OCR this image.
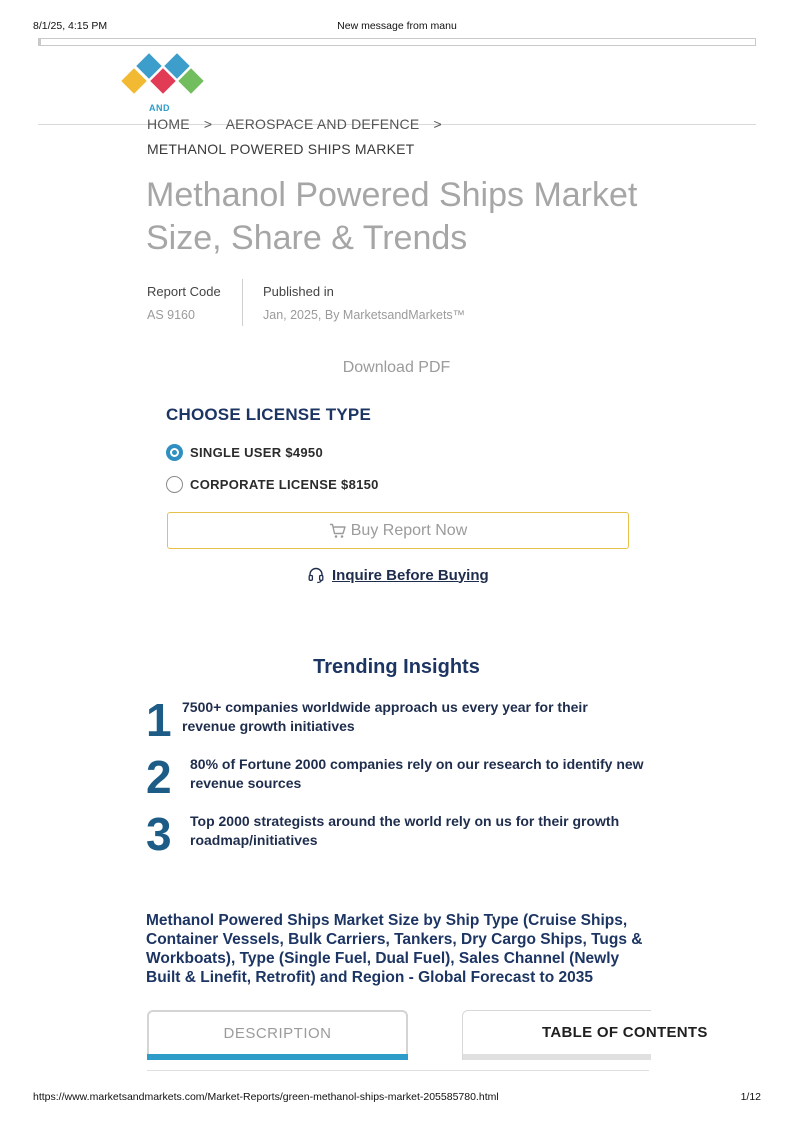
8/1/25, 4:15 PM	New message from manu
AND
HOME > AEROSPACE AND DEFENCE >
METHANOL POWERED SHIPS MARKET
Methanol Powered Ships Market Size, Share & Trends
Report Code
AS 9160
Published in
Jan, 2025, By MarketsandMarkets™
Download PDF
CHOOSE LICENSE TYPE
SINGLE USER $4950
CORPORATE LICENSE $8150
Buy Report Now
Inquire Before Buying
Trending Insights
1 7500+ companies worldwide approach us every year for their revenue growth initiatives
2 80% of Fortune 2000 companies rely on our research to identify new revenue sources
3 Top 2000 strategists around the world rely on us for their growth roadmap/initiatives
Methanol Powered Ships Market Size by Ship Type (Cruise Ships, Container Vessels, Bulk Carriers, Tankers, Dry Cargo Ships, Tugs & Workboats), Type (Single Fuel, Dual Fuel), Sales Channel (Newly Built & Linefit, Retrofit) and Region - Global Forecast to 2035
DESCRIPTION	TABLE OF CONTENTS
https://www.marketsandmarkets.com/Market-Reports/green-methanol-ships-market-205585780.html	1/12
